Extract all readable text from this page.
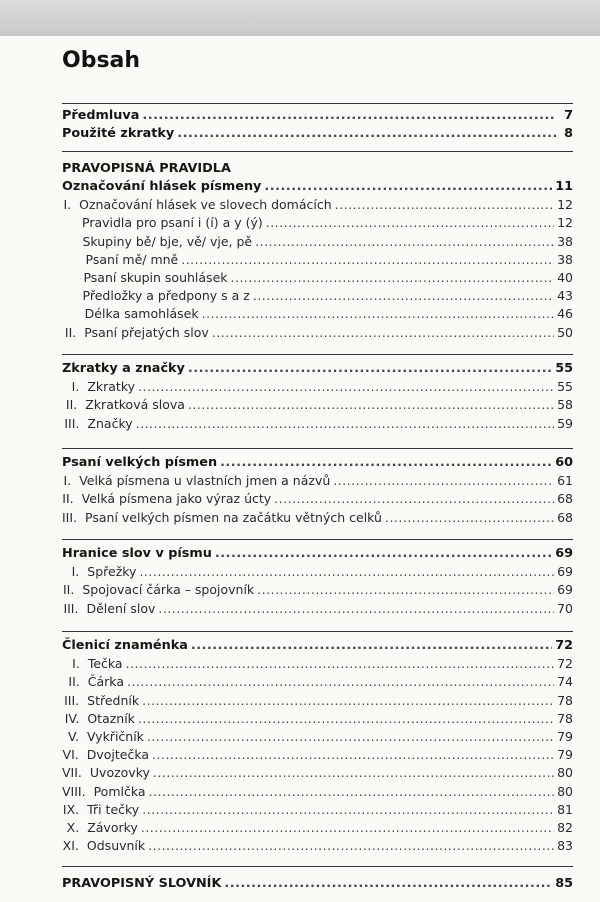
Obsah
Předmluva .....	7
Použité zkratky .....	8
PRAVOPISNÁ PRAVIDLA
Označování hlásek písmeny .....	11
I. Označování hlásek ve slovech domácích .....	12
Pravidla pro psaní i (í) a y (ý) .....	12
Skupiny bě/ bje, vě/ vje, pě .....	38
Psaní mě/ mně .....	38
Psaní skupin souhlásek .....	40
Předložky a předpony s a z .....	43
Délka samohlásek .....	46
II. Psaní přejatých slov .....	50
Zkratky a značky .....	55
I. Zkratky .....	55
II. Zkratková slova .....	58
III. Značky .....	59
Psaní velkých písmen .....	60
I. Velká písmena u vlastních jmen a názvů .....	61
II. Velká písmena jako výraz úcty .....	68
III. Psaní velkých písmen na začátku větných celků .....	68
Hranice slov v písmu .....	69
I. Spřežky .....	69
II. Spojovací čárka – spojovník .....	69
III. Dělení slov .....	70
Členicí znaménka .....	72
I. Tečka .....	72
II. Čárka .....	74
III. Středník .....	78
IV. Otazník .....	78
V. Vykřičník .....	79
VI. Dvojtečka .....	79
VII. Uvozovky .....	80
VIII. Pomlčka .....	80
IX. Tři tečky .....	81
X. Závorky .....	82
XI. Odsuvník .....	83
PRAVOPISNÝ SLOVNÍK .....	85
